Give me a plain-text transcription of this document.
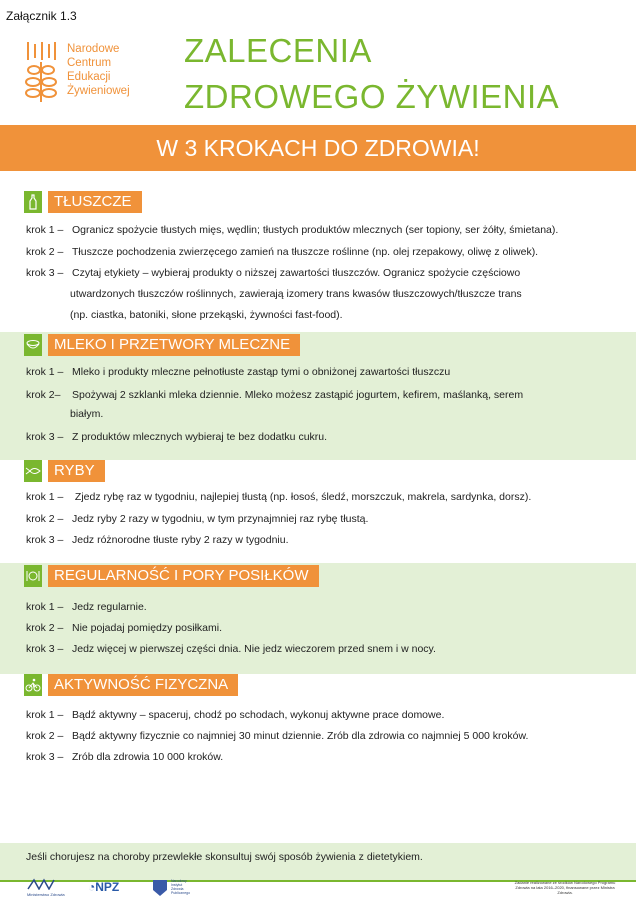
Załącznik 1.3
Narodowe
Centrum
Edukacji
Żywieniowej
ZALECENIA
ZDROWEGO ŻYWIENIA
W 3 KROKACH DO ZDROWIA!
TŁUSZCZE
krok 1 – Ogranicz spożycie tłustych mięs, wędlin; tłustych produktów mlecznych (ser topiony, ser żółty, śmietana).
krok 2 – Tłuszcze pochodzenia zwierzęcego zamień na tłuszcze roślinne (np. olej rzepakowy, oliwę z oliwek).
krok 3 – Czytaj etykiety – wybieraj produkty o niższej zawartości tłuszczów. Ogranicz spożycie częściowo
utwardzonych tłuszczów roślinnych, zawierają izomery trans kwasów tłuszczowych/tłuszcze trans
(np. ciastka, batoniki, słone przekąski, żywności fast-food).
MLEKO I PRZETWORY MLECZNE
krok 1 – Mleko i produkty mleczne pełnotłuste zastąp tymi o obniżonej zawartości tłuszczu
krok 2– Spożywaj 2 szklanki mleka dziennie. Mleko możesz zastąpić jogurtem, kefirem, maślanką, serem
białym.
krok 3 – Z produktów mlecznych wybieraj te bez dodatku cukru.
RYBY
krok 1 – Zjedz rybę raz w tygodniu, najlepiej tłustą (np. łosoś, śledź, morszczuk, makrela, sardynka, dorsz).
krok 2 – Jedz ryby 2 razy w tygodniu, w tym przynajmniej raz rybę tłustą.
krok 3 – Jedz różnorodne tłuste ryby 2 razy w tygodniu.
REGULARNOŚĆ I PORY POSIŁKÓW
krok 1 – Jedz regularnie.
krok 2 – Nie pojadaj pomiędzy posiłkami.
krok 3 – Jedz więcej w pierwszej części dnia. Nie jedz wieczorem przed snem i w nocy.
AKTYWNOŚĆ FIZYCZNA
krok 1 – Bądź aktywny – spaceruj, chodź po schodach, wykonuj aktywne prace domowe.
krok 2 – Bądź aktywny fizycznie co najmniej 30 minut dziennie. Zrób dla zdrowia co najmniej 5 000 kroków.
krok 3 – Zrób dla zdrowia 10 000 kroków.
Jeśli chorujesz na choroby przewlekłe skonsultuj swój sposób żywienia z dietetykiem.
Ministerstwo Zdrowia
◔NPZ	Narodowy Instytut Zdrowia Publicznego
Zadanie realizowane ze środków Narodowego Programu Zdrowia na lata 2016–2020, finansowane przez Ministra Zdrowia.
